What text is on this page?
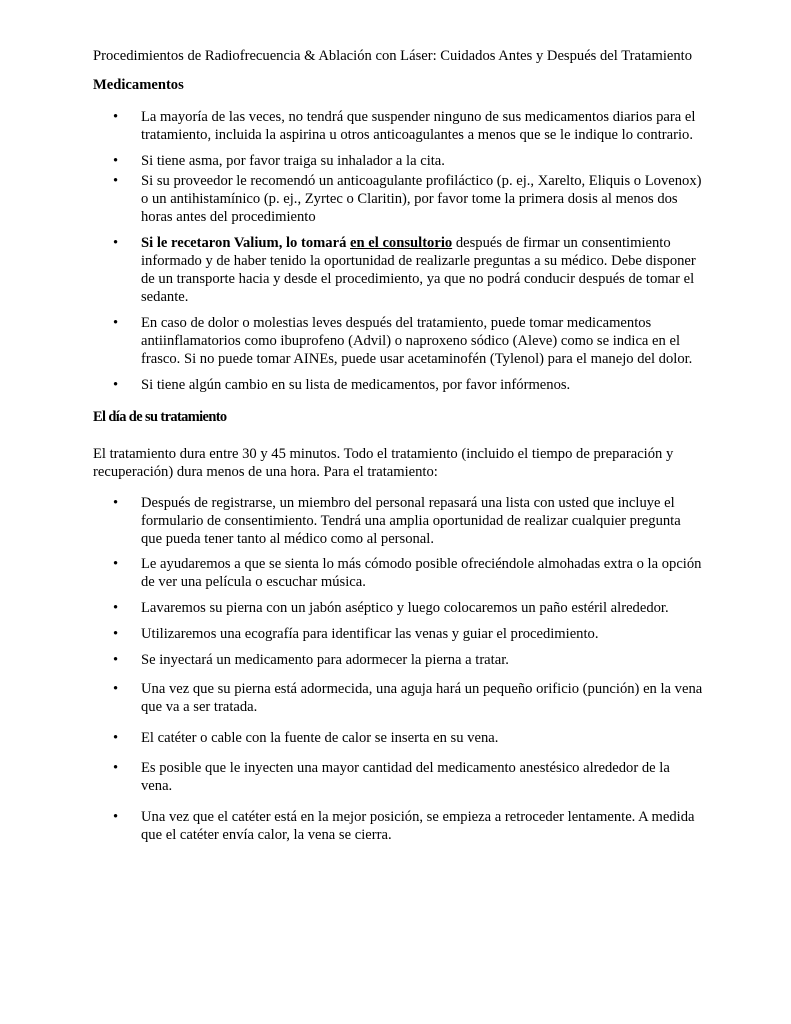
Procedimientos de Radiofrecuencia & Ablación con Láser: Cuidados Antes y Después del Tratamiento

Medicamentos
• La mayoría de las veces, no tendrá que suspender ninguno de sus medicamentos diarios para el tratamiento, incluida la aspirina u otros anticoagulantes a menos que se le indique lo contrario.
• Si tiene asma, por favor traiga su inhalador a la cita.
• Si su proveedor le recomendó un anticoagulante profiláctico (p. ej., Xarelto, Eliquis o Lovenox) o un antihistamínico (p. ej., Zyrtec o Claritin), por favor tome la primera dosis al menos dos horas antes del procedimiento
• Si le recetaron Valium, lo tomará en el consultorio después de firmar un consentimiento informado y de haber tenido la oportunidad de realizarle preguntas a su médico. Debe disponer de un transporte hacia y desde el procedimiento, ya que no podrá conducir después de tomar el sedante.
• En caso de dolor o molestias leves después del tratamiento, puede tomar medicamentos antiinflamatorios como ibuprofeno (Advil) o naproxeno sódico (Aleve) como se indica en el frasco. Si no puede tomar AINEs, puede usar acetaminofén (Tylenol) para el manejo del dolor.
• Si tiene algún cambio en su lista de medicamentos, por favor infórmenos.
El día de su tratamiento

El tratamiento dura entre 30 y 45 minutos. Todo el tratamiento (incluido el tiempo de preparación y recuperación) dura menos de una hora. Para el tratamiento:

• Después de registrarse, un miembro del personal repasará una lista con usted que incluye el formulario de consentimiento. Tendrá una amplia oportunidad de realizar cualquier pregunta que pueda tener tanto al médico como al personal.
• Le ayudaremos a que se sienta lo más cómodo posible ofreciéndole almohadas extra o la opción de ver una película o escuchar música.
• Lavaremos su pierna con un jabón aséptico y luego colocaremos un paño estéril alrededor.
• Utilizaremos una ecografía para identificar las venas y guiar el procedimiento.
• Se inyectará un medicamento para adormecer la pierna a tratar.
• Una vez que su pierna está adormecida, una aguja hará un pequeño orificio (punción) en la vena que va a ser tratada.
• El catéter o cable con la fuente de calor se inserta en su vena.
• Es posible que le inyecten una mayor cantidad del medicamento anestésico alrededor de la vena.
• Una vez que el catéter está en la mejor posición, se empieza a retroceder lentamente. A medida que el catéter envía calor, la vena se cierra.
